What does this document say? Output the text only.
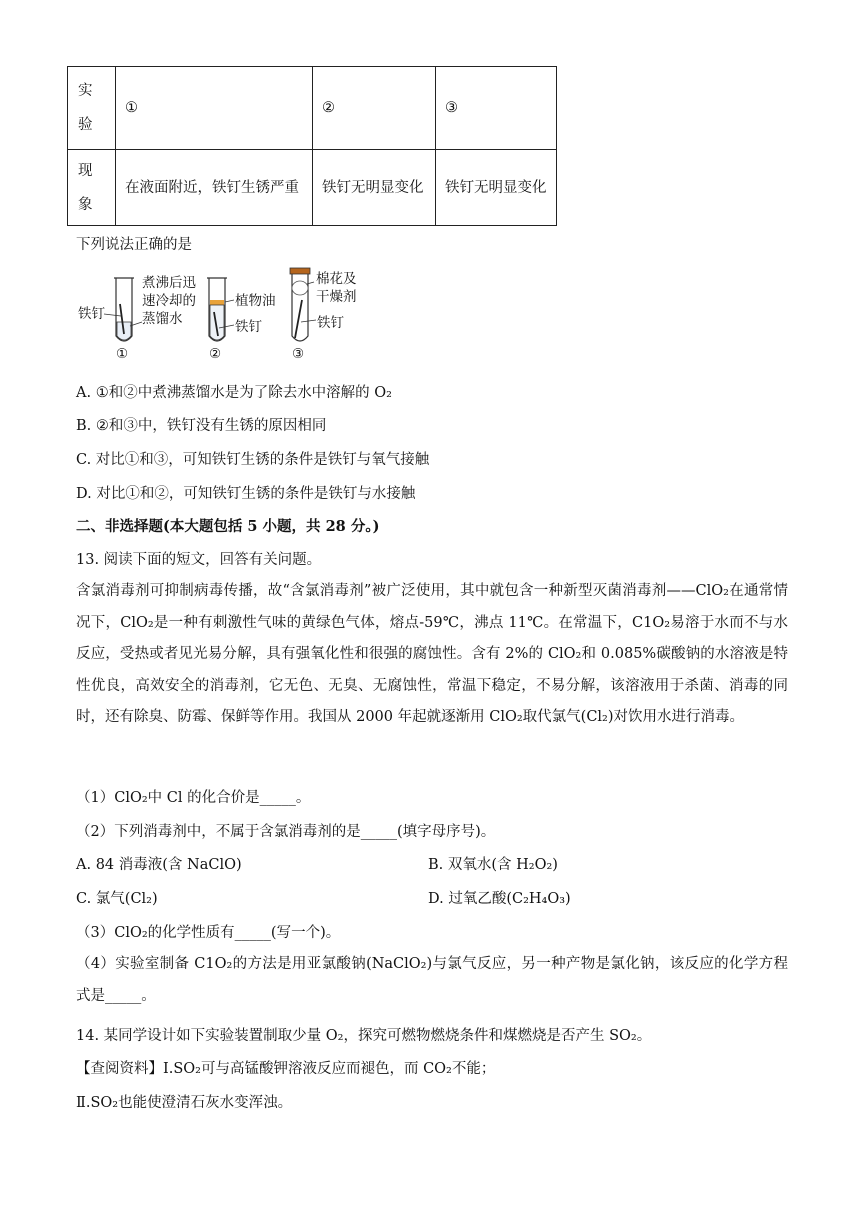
实
验	①	②	③

现
象	在液面附近，铁钉生锈严重	铁钉无明显变化	铁钉无明显变化
下列说法正确的是
铁钉
煮沸后迅速冷却的蒸馏水
植物油
铁钉
棉花及干燥剂
铁钉
①	②	③
A. ①和②中煮沸蒸馏水是为了除去水中溶解的 O₂
B. ②和③中，铁钉没有生锈的原因相同
C. 对比①和③，可知铁钉生锈的条件是铁钉与氧气接触
D. 对比①和②，可知铁钉生锈的条件是铁钉与水接触
二、非选择题(本大题包括 5 小题，共 28 分。)
13. 阅读下面的短文，回答有关问题。
含氯消毒剂可抑制病毒传播，故“含氯消毒剂”被广泛使用，其中就包含一种新型灭菌消毒剂——ClO₂在通常情况下，ClO₂是一种有刺激性气味的黄绿色气体，熔点-59℃，沸点 11℃。在常温下，C1O₂易溶于水而不与水反应，受热或者见光易分解，具有强氧化性和很强的腐蚀性。含有 2%的 ClO₂和 0.085%碳酸钠的水溶液是特性优良，高效安全的消毒剂，它无色、无臭、无腐蚀性，常温下稳定，不易分解，该溶液用于杀菌、消毒的同时，还有除臭、防霉、保鲜等作用。我国从 2000 年起就逐渐用 ClO₂取代氯气(Cl₂)对饮用水进行消毒。
（1）ClO₂中 Cl 的化合价是_____。
（2）下列消毒剂中，不属于含氯消毒剂的是_____(填字母序号)。
A. 84 消毒液(含 NaClO)	B. 双氧水(含 H₂O₂)
C. 氯气(Cl₂)	D. 过氧乙酸(C₂H₄O₃)
（3）ClO₂的化学性质有_____(写一个)。
（4）实验室制备 C1O₂的方法是用亚氯酸钠(NaClO₂)与氯气反应，另一种产物是氯化钠，该反应的化学方程式是_____。
14. 某同学设计如下实验装置制取少量 O₂，探究可燃物燃烧条件和煤燃烧是否产生 SO₂。
【查阅资料】Ⅰ.SO₂可与高锰酸钾溶液反应而褪色，而 CO₂不能；
Ⅱ.SO₂也能使澄清石灰水变浑浊。
